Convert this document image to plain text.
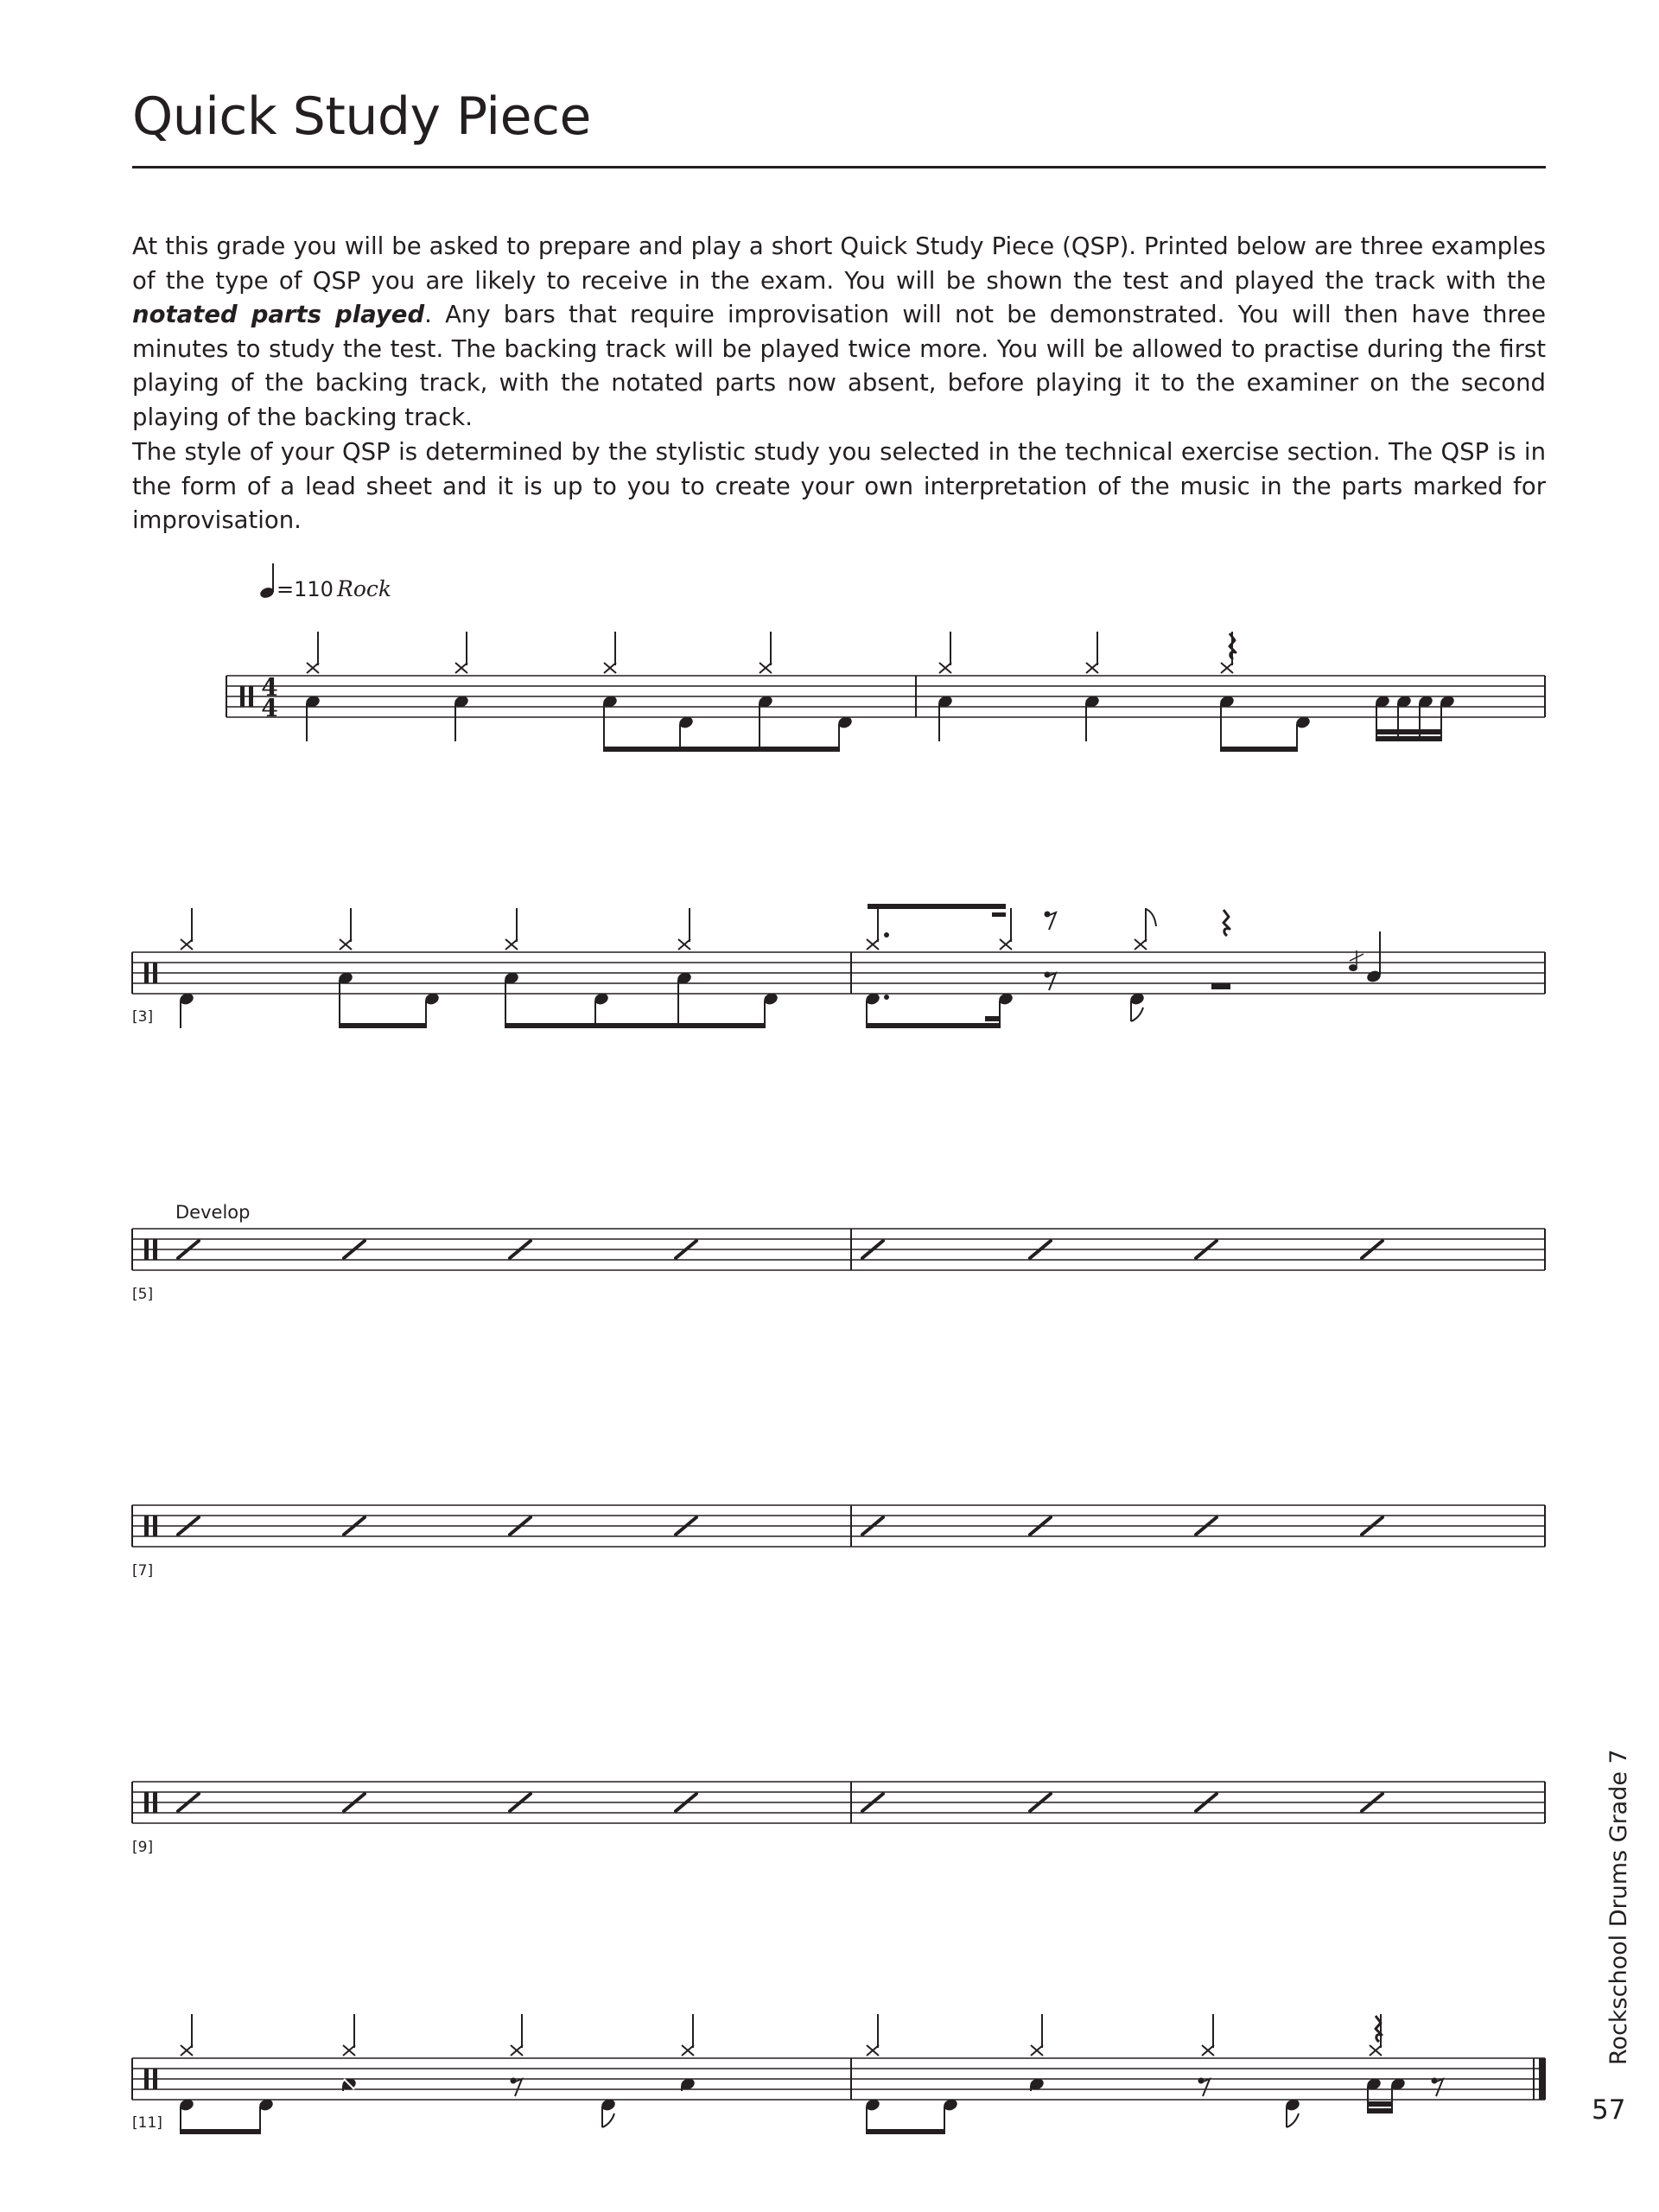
Quick Study Piece
At this grade you will be asked to prepare and play a short Quick Study Piece (QSP). Printed below are three examples of the type of QSP you are likely to receive in the exam. You will be shown the test and played the track with the notated parts played. Any bars that require improvisation will not be demonstrated. You will then have three minutes to study the test. The backing track will be played twice more. You will be allowed to practise during the first playing of the backing track, with the notated parts now absent, before playing it to the examiner on the second playing of the backing track.
The style of your QSP is determined by the stylistic study you selected in the technical exercise section. The QSP is in the form of a lead sheet and it is up to you to create your own interpretation of the music in the parts marked for improvisation.
=110 Rock
4
4
[3]
Develop
[5]
[7]
[9]
[11]
Rockschool Drums Grade 7
57
